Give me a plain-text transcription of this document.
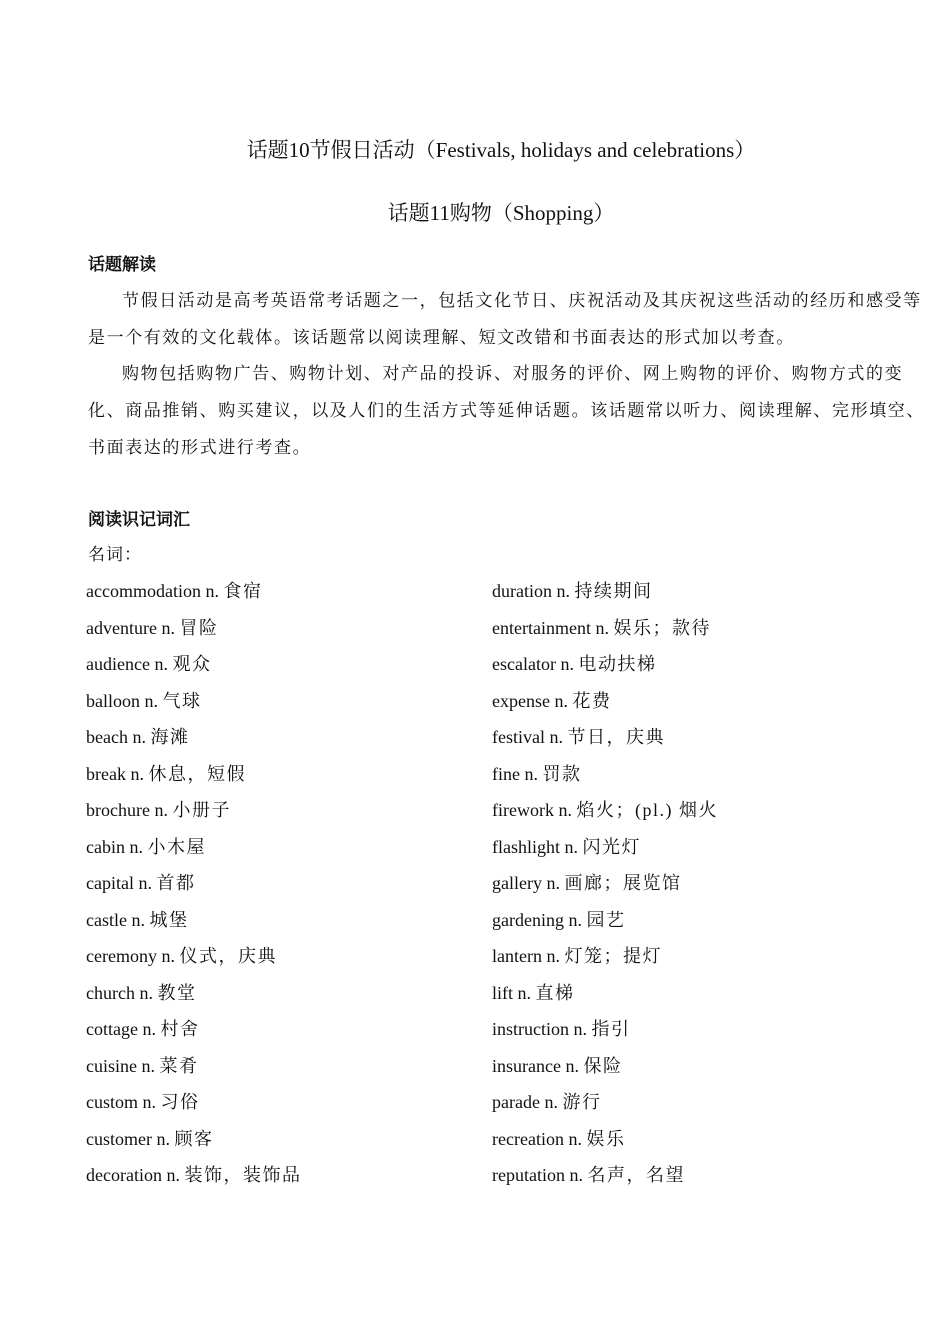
话题10节假日活动（Festivals, holidays and celebrations）
话题11购物（Shopping）
话题解读

节假日活动是高考英语常考话题之一，包括文化节日、庆祝活动及其庆祝这些活动的经历和感受等是一个有效的文化载体。该话题常以阅读理解、短文改错和书面表达的形式加以考查。

购物包括购物广告、购物计划、对产品的投诉、对服务的评价、网上购物的评价、购物方式的变化、商品推销、购买建议，以及人们的生活方式等延伸话题。该话题常以听力、阅读理解、完形填空、书面表达的形式进行考查。

阅读识记词汇
名词：
accommodation n. 食宿
adventure n. 冒险
audience n. 观众
balloon n. 气球
beach n. 海滩
break n. 休息，短假
brochure n. 小册子
cabin n. 小木屋
capital n. 首都
castle n. 城堡
ceremony n. 仪式，庆典
church n. 教堂
cottage n. 村舍
cuisine n. 菜肴
custom n. 习俗
customer n. 顾客
decoration n. 装饰，装饰品
duration n. 持续期间
entertainment n. 娱乐；款待
escalator n. 电动扶梯
expense n. 花费
festival n. 节日，庆典
fine n. 罚款
firework n. 焰火；(pl.) 烟火
flashlight n. 闪光灯
gallery n. 画廊；展览馆
gardening n. 园艺
lantern n. 灯笼；提灯
lift n. 直梯
instruction n. 指引
insurance n. 保险
parade n. 游行
recreation n. 娱乐
reputation n. 名声，名望
